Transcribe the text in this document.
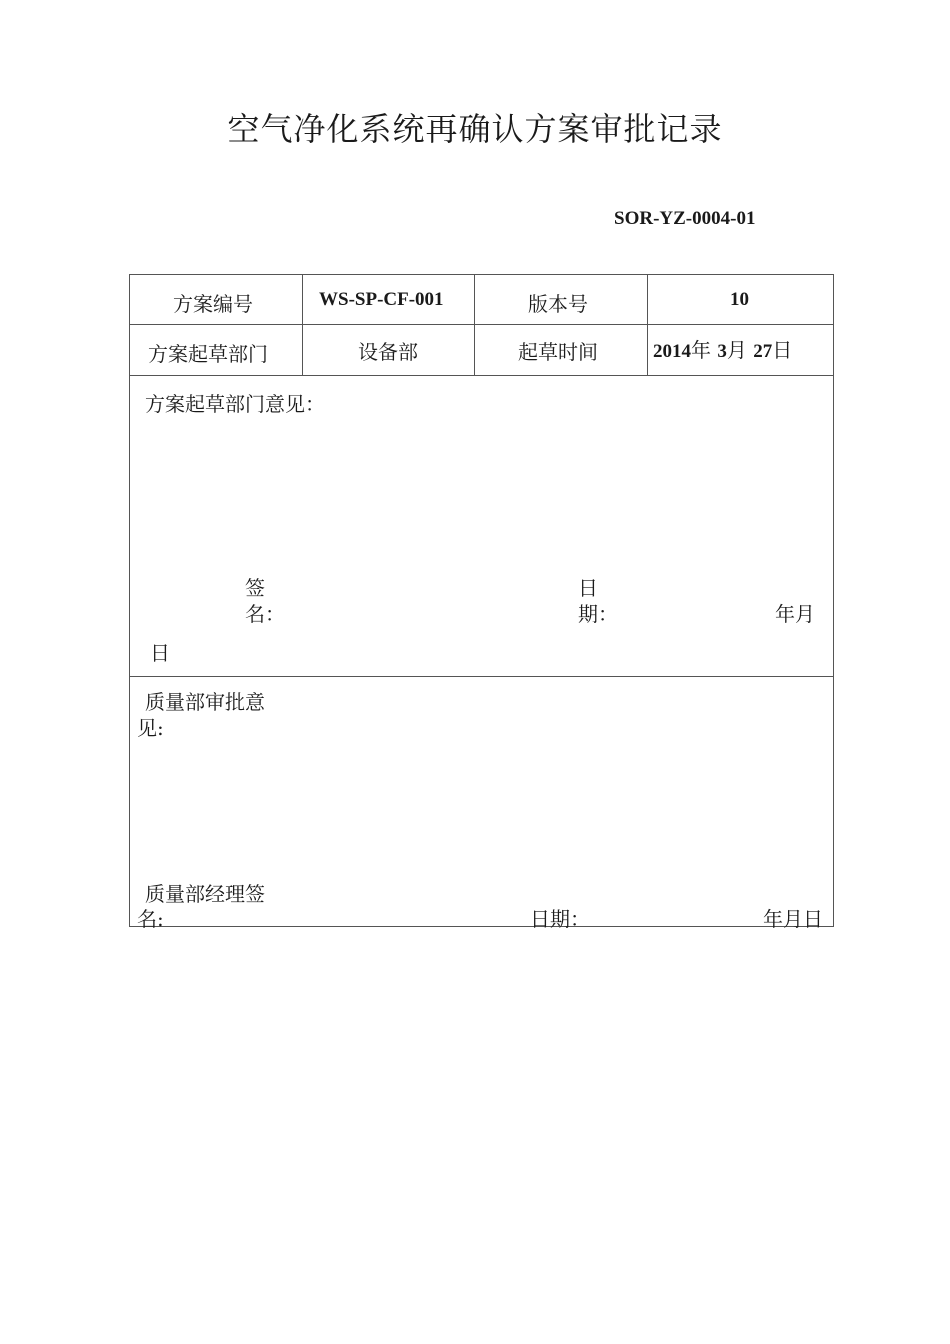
空气净化系统再确认方案审批记录
SOR-YZ-0004-01
方案编号	WS-SP-CF-001	版本号	10
方案起草部门	设备部	起草时间	2014年 3月 27日
方案起草部门意见：
签
名：
日
期：	年月
日
质量部审批意
见:
质量部经理签
名:	日期：	年月日
